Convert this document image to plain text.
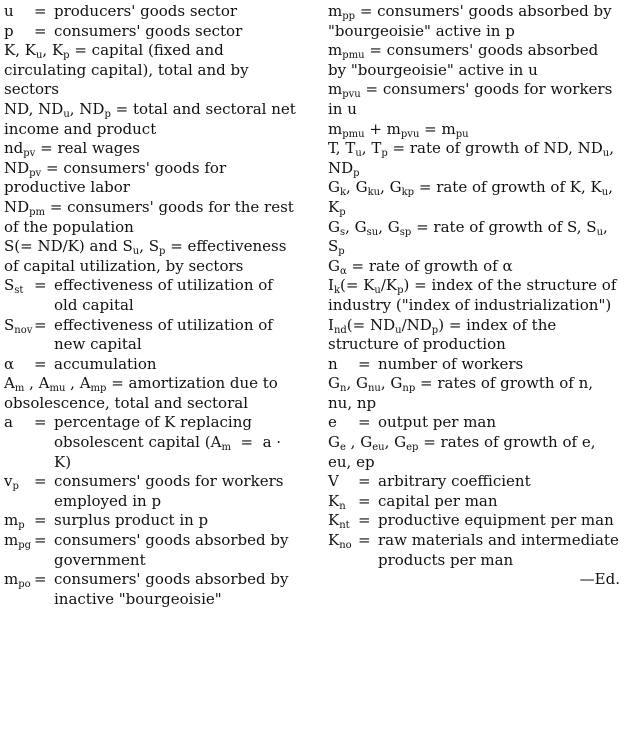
u	= producers' goods sector
p	= consumers' goods sector
K, $K_u$, $K_p$ = capital (fixed and circulating capital), total and by sectors
ND, $ND_u$, $ND_p$ = total and sectoral net income and product
$nd_{pv}$ = real wages
$ND_{pv}$ = consumers' goods for productive labor
$ND_{pm}$ = consumers' goods for the rest of the population
S(= ND/K) and $S_u$, $S_p$ = effectiveness of capital utilization, by sectors
$S_{st}$ = effectiveness of utilization of old capital
$S_{nov}$ = effectiveness of utilization of new capital
α	= accumulation
$A_m$ , $A_{mu}$ , $A_{mp}$ = amortization due to obsolescence, total and sectoral
a	= percentage of K replacing obsolescent capital $(A_m = a \cdot K)$
$v_p$	= consumers' goods for workers employed in p
$m_p$ = surplus product in p
$m_{pg}$ = consumers' goods absorbed by government
$m_{po}$ = consumers' goods absorbed by inactive "bourgeoisie"
$m_{pp}$ = consumers' goods absorbed by "bourgeoisie" active in p
$m_{pmu}$ = consumers' goods absorbed by "bourgeoisie" active in u
$m_{pvu}$ = consumers' goods for workers in u
$m_{pmu} + m_{pvu} = m_{pu}$
T, $T_u$, $T_p$ = rate of growth of ND, $ND_u$, $ND_p$
$G_k$, $G_{ku}$, $G_{kp}$ = rate of growth of K, $K_u$, $K_p$
$G_s$, $G_{su}$, $G_{sp}$ = rate of growth of S, $S_u$, $S_p$
$G_\alpha$ = rate of growth of α
$I_k(= K_u/K_p)$ = index of the structure of industry ("index of industrialization")
$I_{nd}(= ND_u/ND_p)$ = index of the structure of production
n	= number of workers
$G_n$, $G_{nu}$, $G_{np}$ = rates of growth of n, nu, np
e	= output per man
$G_e$ , $G_{eu}$, $G_{ep}$ = rates of growth of e, eu, ep
V	= arbitrary coefficient
$K_n$ = capital per man
$K_{nt}$ = productive equipment per man
$K_{no}$ = raw materials and intermediate products per man
—Ed.
